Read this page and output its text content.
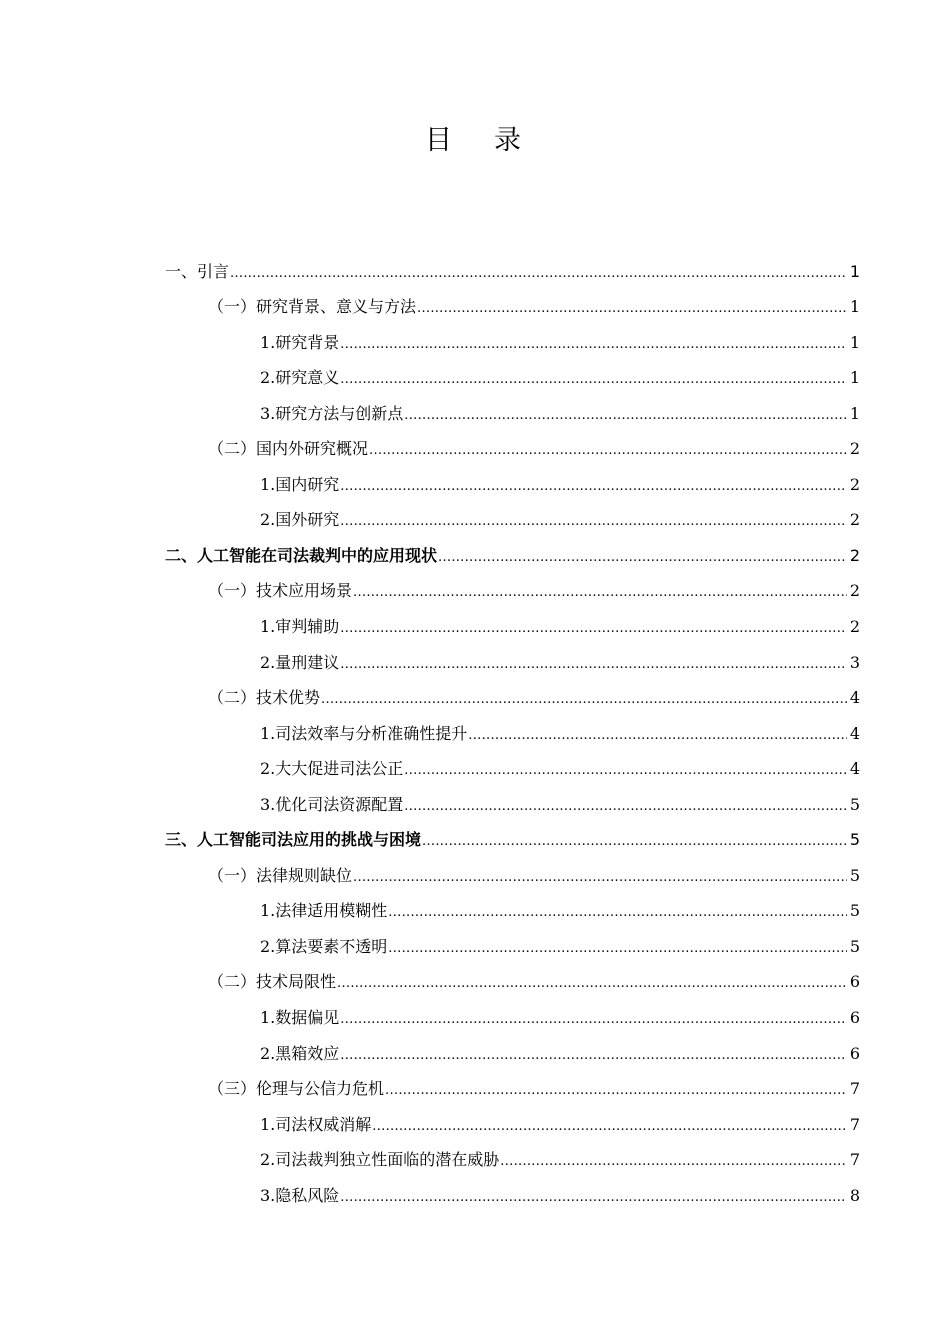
目录
一、引言 .....	1
（一）研究背景、意义与方法 .....	1
1.研究背景 .....	1
2.研究意义 .....	1
3.研究方法与创新点 .....	1
（二）国内外研究概况 .....	2
1.国内研究 .....	2
2.国外研究 .....	2
二、人工智能在司法裁判中的应用现状 .....	2
（一）技术应用场景 .....	2
1.审判辅助 .....	2
2.量刑建议 .....	3
（二）技术优势 .....	4
1.司法效率与分析准确性提升 .....	4
2.大大促进司法公正 .....	4
3.优化司法资源配置 .....	5
三、人工智能司法应用的挑战与困境 .....	5
（一）法律规则缺位 .....	5
1.法律适用模糊性 .....	5
2.算法要素不透明 .....	5
（二）技术局限性 .....	6
1.数据偏见 .....	6
2.黑箱效应 .....	6
（三）伦理与公信力危机 .....	7
1.司法权威消解 .....	7
2.司法裁判独立性面临的潜在威胁 .....	7
3.隐私风险 .....	8
